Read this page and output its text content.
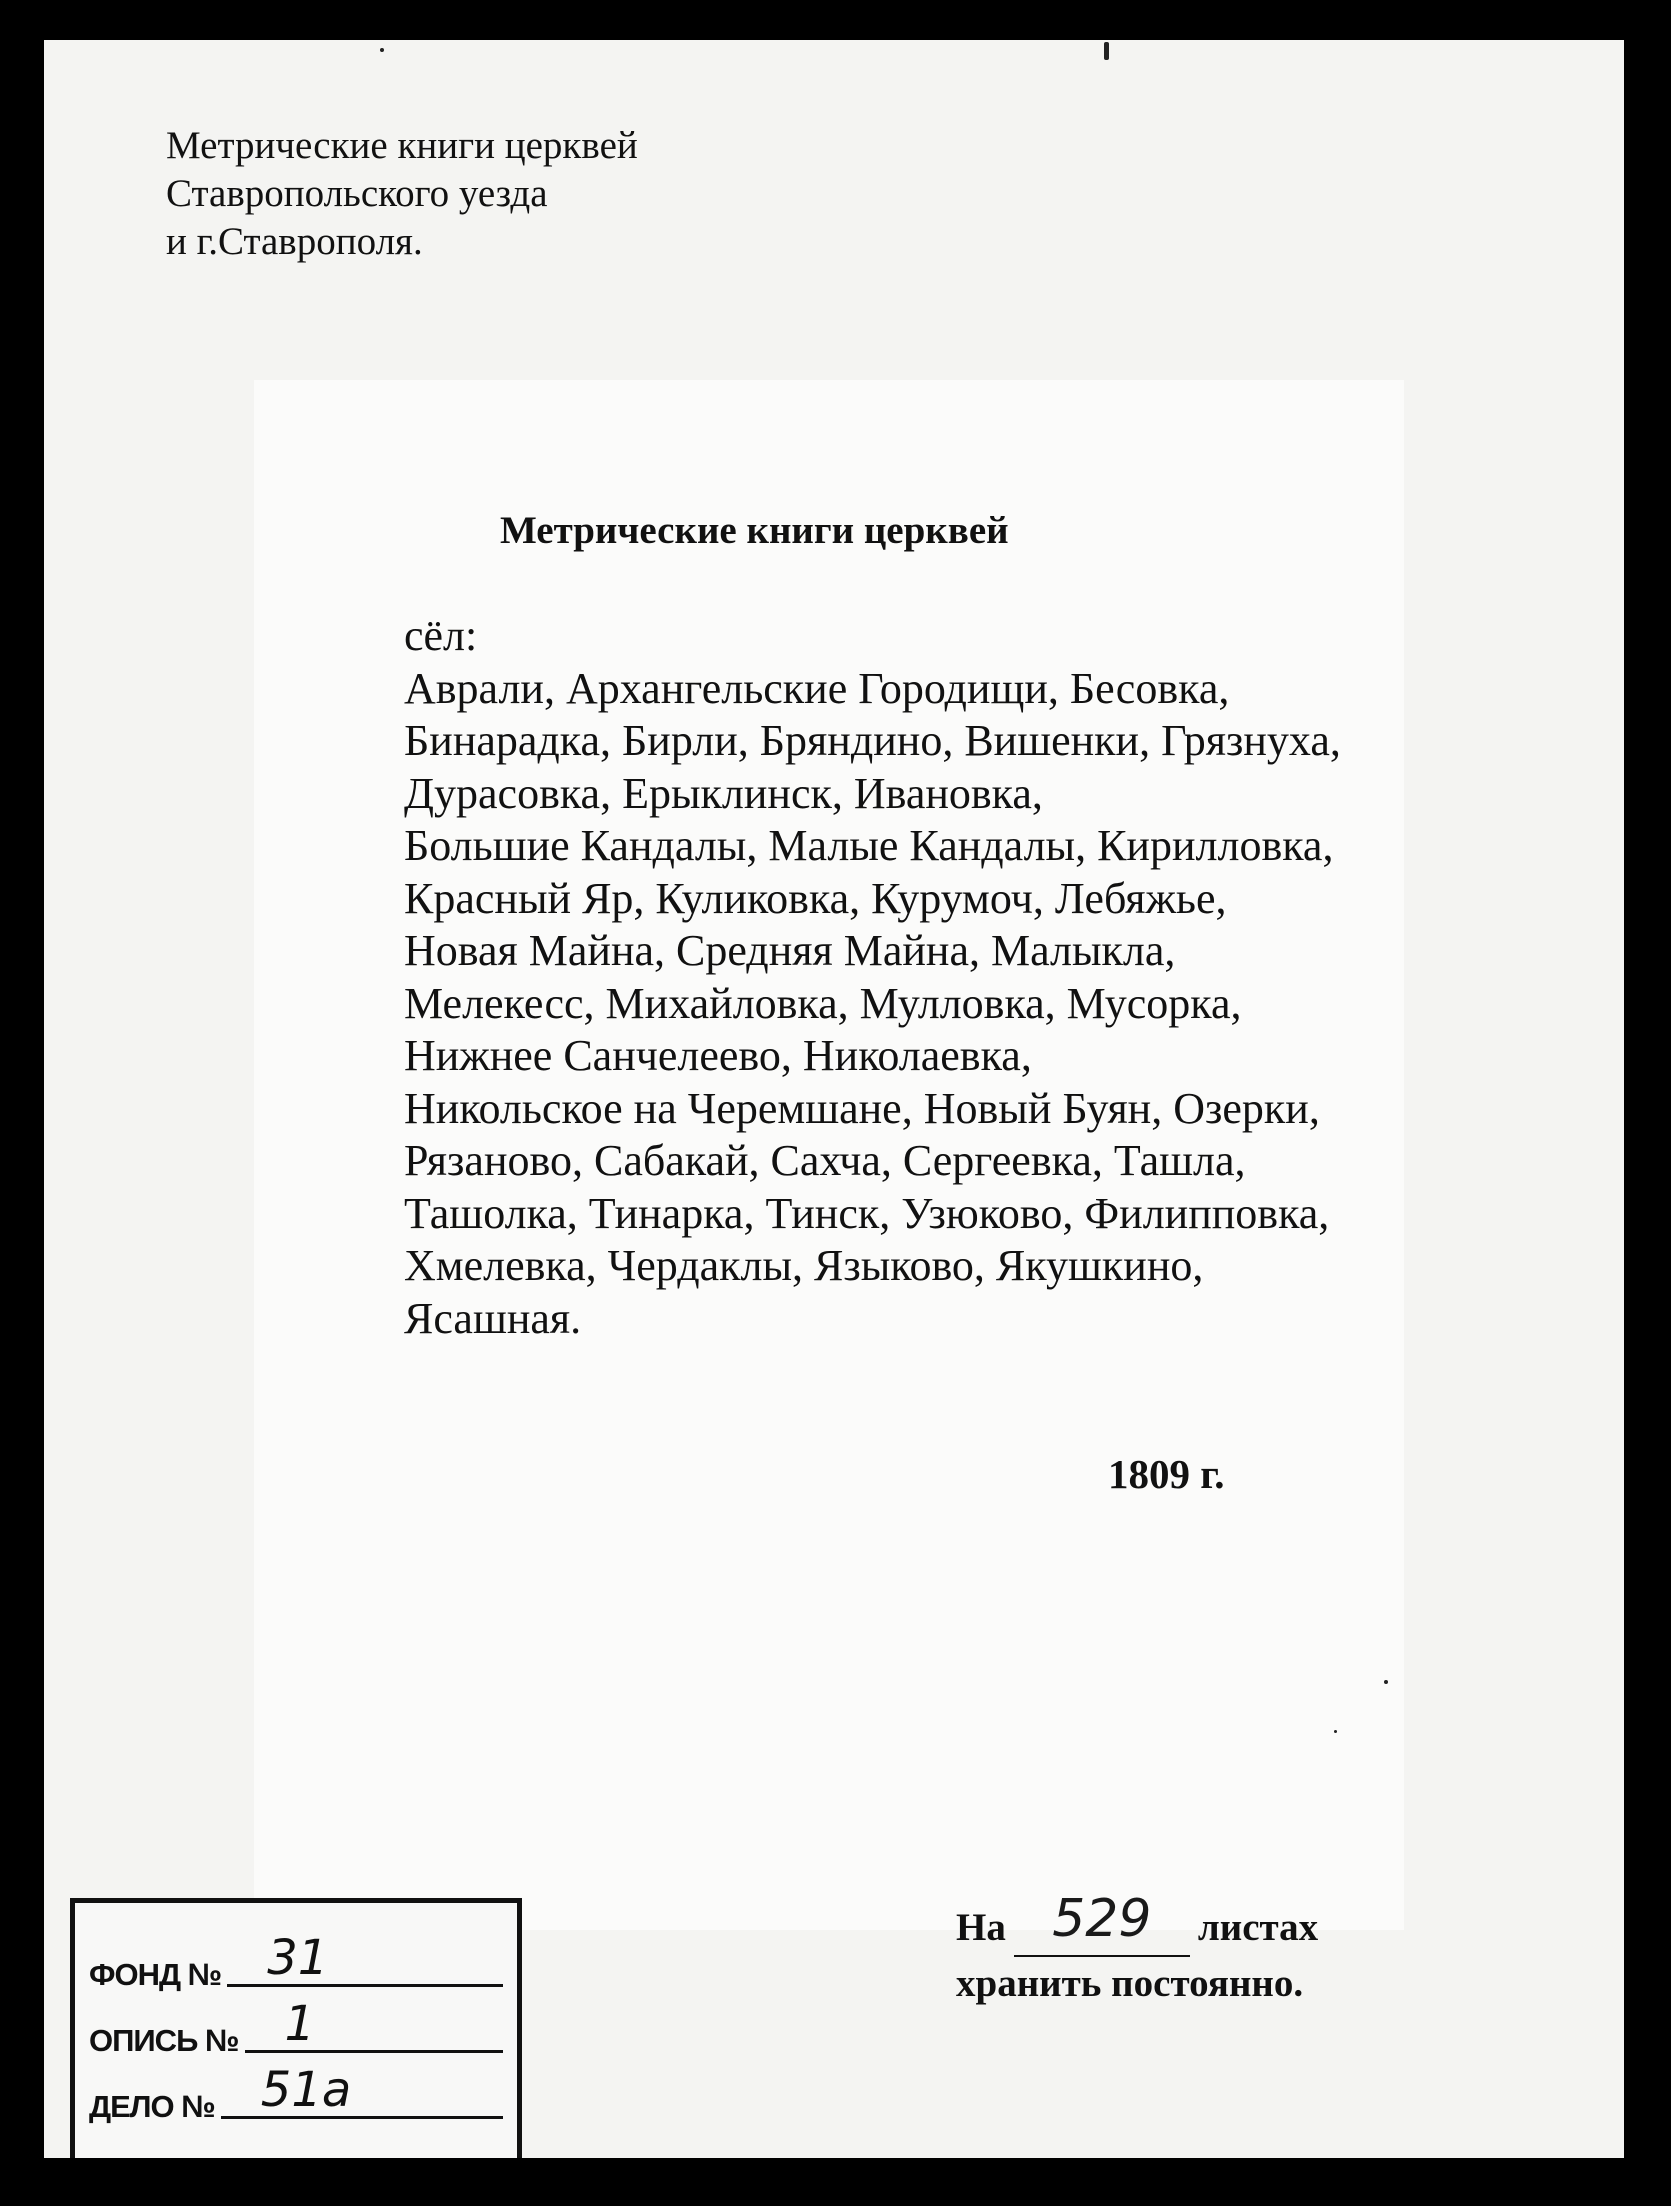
Метрические книги церквей
Ставропольского уезда
и г.Ставрополя.
Метрические книги церквей
сёл:
Аврали, Архангельские Городищи, Бесовка,
Бинарадка, Бирли, Бряндино, Вишенки, Грязнуха,
Дурасовка, Ерыклинск, Ивановка,
Большие Кандалы, Малые Кандалы, Кирилловка,
Красный Яр, Куликовка, Курумоч, Лебяжье,
Новая Майна, Средняя Майна, Малыкла,
Мелекесс, Михайловка, Мулловка, Мусорка,
Нижнее Санчелеево, Николаевка,
Никольское на Черемшане, Новый Буян, Озерки,
Рязаново, Сабакай, Сахча, Сергеевка, Ташла,
Ташолка, Тинарка, Тинск, Узюково, Филипповка,
Хмелевка, Чердаклы, Языково, Якушкино,
Ясашная.
1809 г.
На 529 листах
хранить постоянно.
ФОНД № 31
ОПИСЬ № 1
ДЕЛО № 51а
